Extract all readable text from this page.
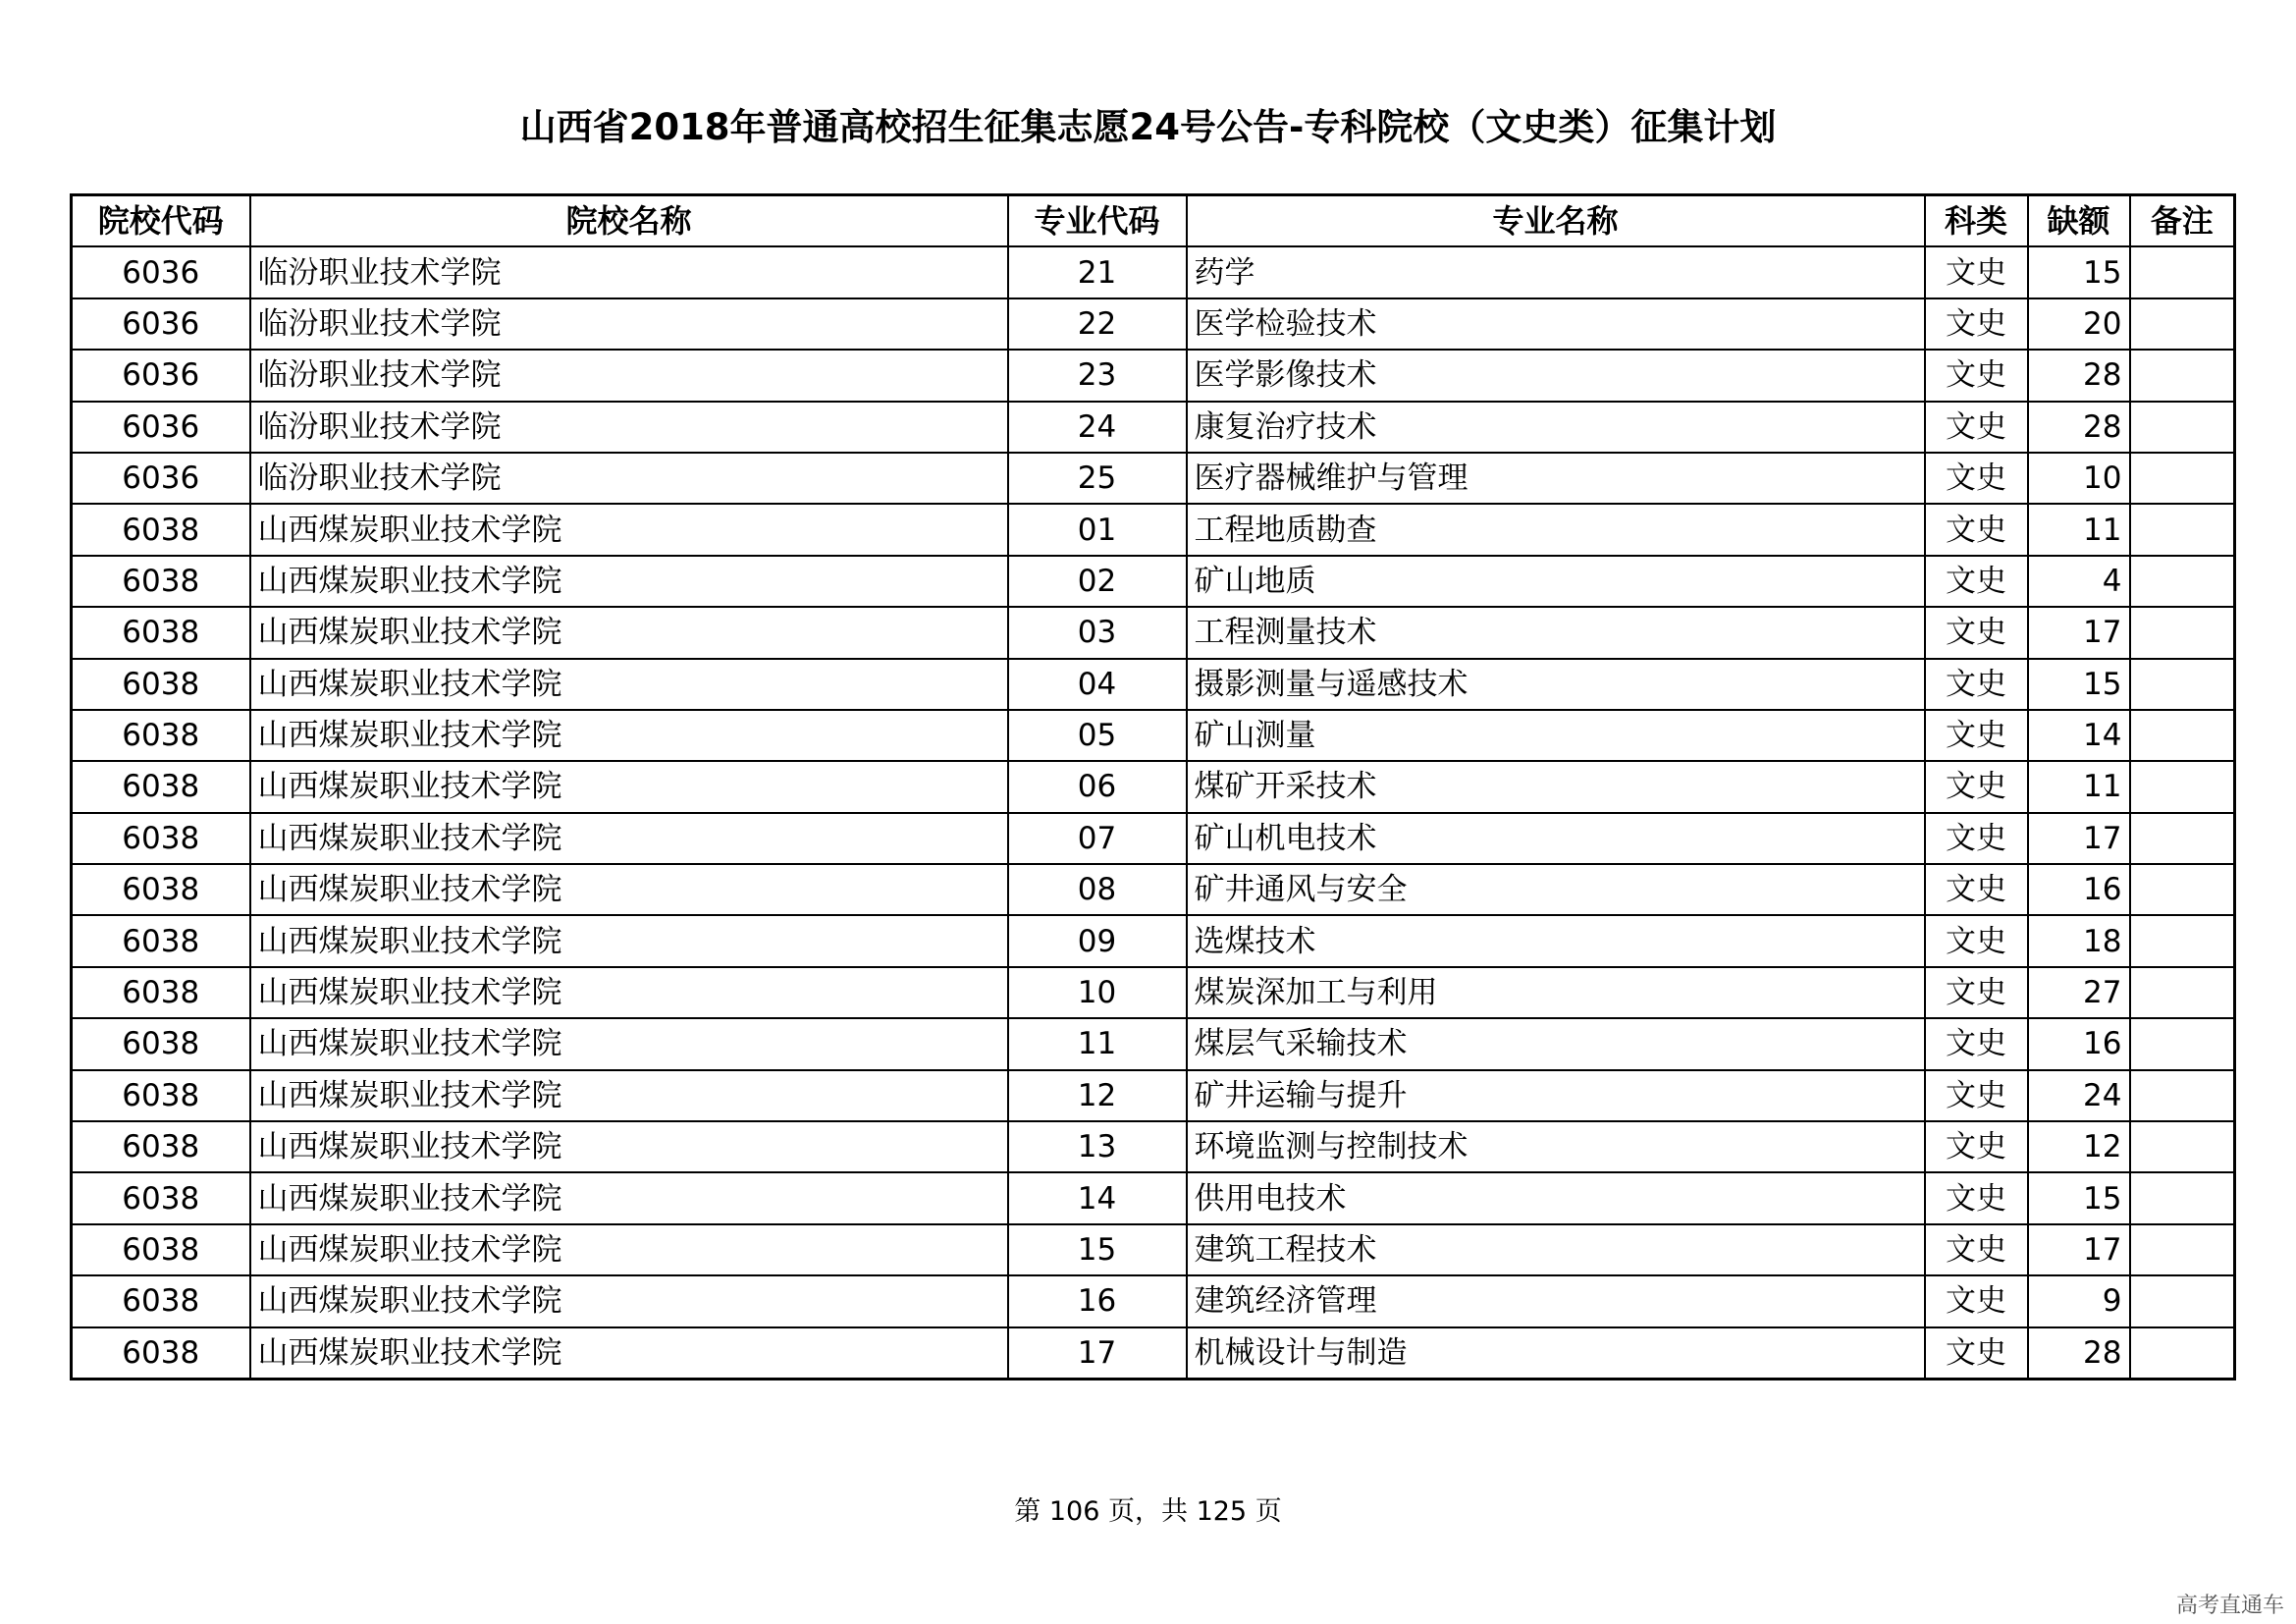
山西省2018年普通高校招生征集志愿24号公告-专科院校（文史类）征集计划
院校代码	院校名称	专业代码	专业名称	科类	缺额	备注
6036	临汾职业技术学院	21	药学	文史	15	
6036	临汾职业技术学院	22	医学检验技术	文史	20	
6036	临汾职业技术学院	23	医学影像技术	文史	28	
6036	临汾职业技术学院	24	康复治疗技术	文史	28	
6036	临汾职业技术学院	25	医疗器械维护与管理	文史	10	
6038	山西煤炭职业技术学院	01	工程地质勘查	文史	11	
6038	山西煤炭职业技术学院	02	矿山地质	文史	4	
6038	山西煤炭职业技术学院	03	工程测量技术	文史	17	
6038	山西煤炭职业技术学院	04	摄影测量与遥感技术	文史	15	
6038	山西煤炭职业技术学院	05	矿山测量	文史	14	
6038	山西煤炭职业技术学院	06	煤矿开采技术	文史	11	
6038	山西煤炭职业技术学院	07	矿山机电技术	文史	17	
6038	山西煤炭职业技术学院	08	矿井通风与安全	文史	16	
6038	山西煤炭职业技术学院	09	选煤技术	文史	18	
6038	山西煤炭职业技术学院	10	煤炭深加工与利用	文史	27	
6038	山西煤炭职业技术学院	11	煤层气采输技术	文史	16	
6038	山西煤炭职业技术学院	12	矿井运输与提升	文史	24	
6038	山西煤炭职业技术学院	13	环境监测与控制技术	文史	12	
6038	山西煤炭职业技术学院	14	供用电技术	文史	15	
6038	山西煤炭职业技术学院	15	建筑工程技术	文史	17	
6038	山西煤炭职业技术学院	16	建筑经济管理	文史	9	
6038	山西煤炭职业技术学院	17	机械设计与制造	文史	28	
第 106 页，共 125 页
高考直通车
